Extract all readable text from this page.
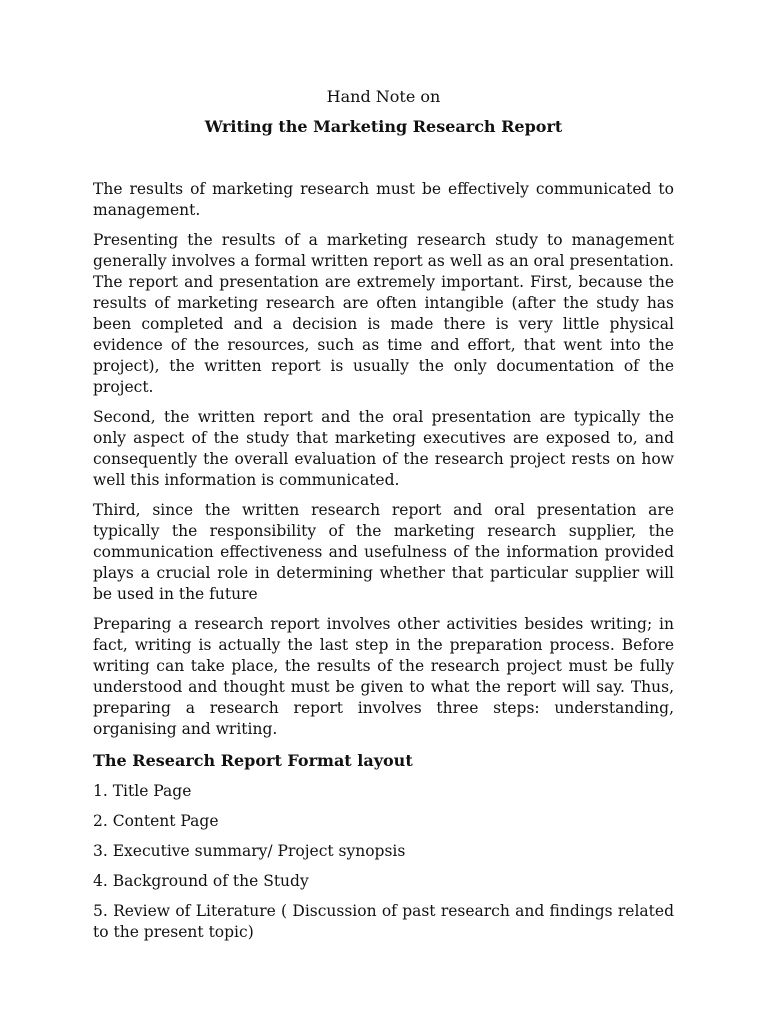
Hand Note on
Writing the Marketing Research Report

The results of marketing research must be effectively communicated to management.

Presenting the results of a marketing research study to management generally involves a formal written report as well as an oral presentation. The report and presentation are extremely important. First, because the results of marketing research are often intangible (after the study has been completed and a decision is made there is very little physical evidence of the resources, such as time and effort, that went into the project), the written report is usually the only documentation of the project.

Second, the written report and the oral presentation are typically the only aspect of the study that marketing executives are exposed to, and consequently the overall evaluation of the research project rests on how well this information is communicated.

Third, since the written research report and oral presentation are typically the responsibility of the marketing research supplier, the communication effectiveness and usefulness of the information provided plays a crucial role in determining whether that particular supplier will be used in the future

Preparing a research report involves other activities besides writing; in fact, writing is actually the last step in the preparation process. Before writing can take place, the results of the research project must be fully understood and thought must be given to what the report will say. Thus, preparing a research report involves three steps: understanding, organising and writing.

The Research Report Format layout
1. Title Page
2. Content Page
3. Executive summary/ Project synopsis
4. Background of the Study
5. Review of Literature ( Discussion of past research and findings related to the present topic)
